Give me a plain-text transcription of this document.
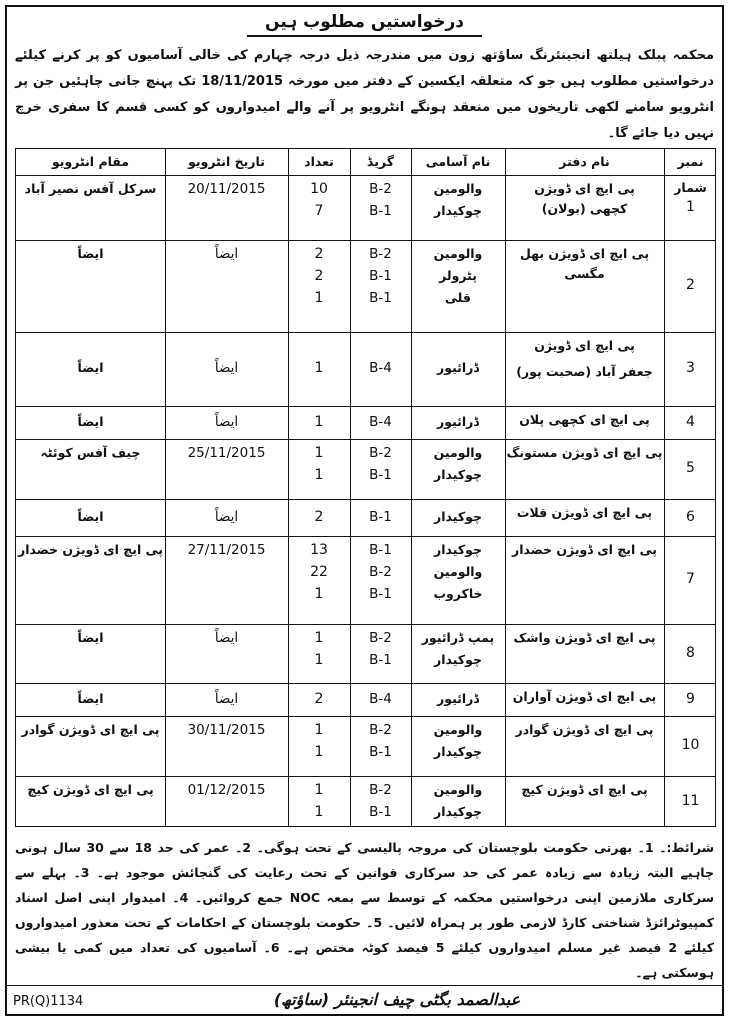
درخواستیں مطلوب ہیں
محکمہ پبلک ہیلتھ انجینئرنگ ساؤتھ زون میں مندرجہ ذیل درجہ چہارم کی خالی آسامیوں کو پر کرنے کیلئے درخواستیں مطلوب ہیں جو کہ متعلقہ ایکسین کے دفتر میں مورخہ 18/11/2015 تک پہنچ جانی چاہئیں جن پر انٹرویو سامنے لکھی تاریخوں میں منعقد ہونگے انٹرویو پر آنے والے امیدواروں کو کسی قسم کا سفری خرچ نہیں دیا جائے گا۔
نمبر شمار
نام دفتر
نام آسامی
گریڈ
تعداد
تاریخ انٹرویو
مقام انٹرویو
1
پی ایچ ای ڈویژن
کچھی (بولان)
والومین
B-2
10
چوکیدار
B-1
7
20/11/2015
سرکل آفس نصیر آباد
2
پی ایچ ای ڈویژن بھل مگسی
والومین
B-2
2
پٹرولر
B-1
2
قلی
B-1
1
ایضاً
ایضاً
3
پی ایچ ای ڈویژن
جعفر آباد (صحبت پور)
ڈرائیور
B-4
1
ایضاً
ایضاً
4
پی ایچ ای کچھی پلان
ڈرائیور
B-4
1
ایضاً
ایضاً
5
پی ایچ ای ڈویژن مستونگ
والومین
B-2
1
چوکیدار
B-1
1
25/11/2015
چیف آفس کوئٹہ
6
پی ایچ ای ڈویژن قلات
چوکیدار
B-1
2
ایضاً
ایضاً
7
پی ایچ ای ڈویژن خضدار
چوکیدار
B-1
13
والومین
B-2
22
خاکروب
B-1
1
27/11/2015
پی ایچ ای ڈویژن خضدار
8
پی ایچ ای ڈویژن واشک
پمپ ڈرائیور
B-2
1
چوکیدار
B-1
1
ایضاً
ایضاً
9
پی ایچ ای ڈویژن آواران
ڈرائیور
B-4
2
ایضاً
ایضاً
10
پی ایچ ای ڈویژن گوادر
والومین
B-2
1
چوکیدار
B-1
1
30/11/2015
پی ایچ ای ڈویژن گوادر
11
پی ایچ ای ڈویژن کیچ
والومین
B-2
1
چوکیدار
B-1
1
01/12/2015
پی ایچ ای ڈویژن کیچ
شرائط:۔ 1۔ بھرتی حکومت بلوچستان کی مروجہ پالیسی کے تحت ہوگی۔ 2۔ عمر کی حد 18 سے 30 سال ہونی چاہیے البتہ زیادہ سے زیادہ عمر کی حد سرکاری قوانین کے تحت رعایت کی گنجائش موجود ہے۔ 3۔ پہلے سے سرکاری ملازمین اپنی درخواستیں محکمہ کے توسط سے بمعہ NOC جمع کروائیں۔ 4۔ امیدوار اپنی اصل اسناد کمپیوٹرائزڈ شناختی کارڈ لازمی طور پر ہمراہ لائیں۔ 5۔ حکومت بلوچستان کے احکامات کے تحت معذور امیدواروں کیلئے 2 فیصد غیر مسلم امیدواروں کیلئے 5 فیصد کوٹہ مختص ہے۔ 6۔ آسامیوں کی تعداد میں کمی یا بیشی ہوسکتی ہے۔
PR(Q)1134	عبدالصمد بگٹی چیف انجینئر (ساؤتھ)
